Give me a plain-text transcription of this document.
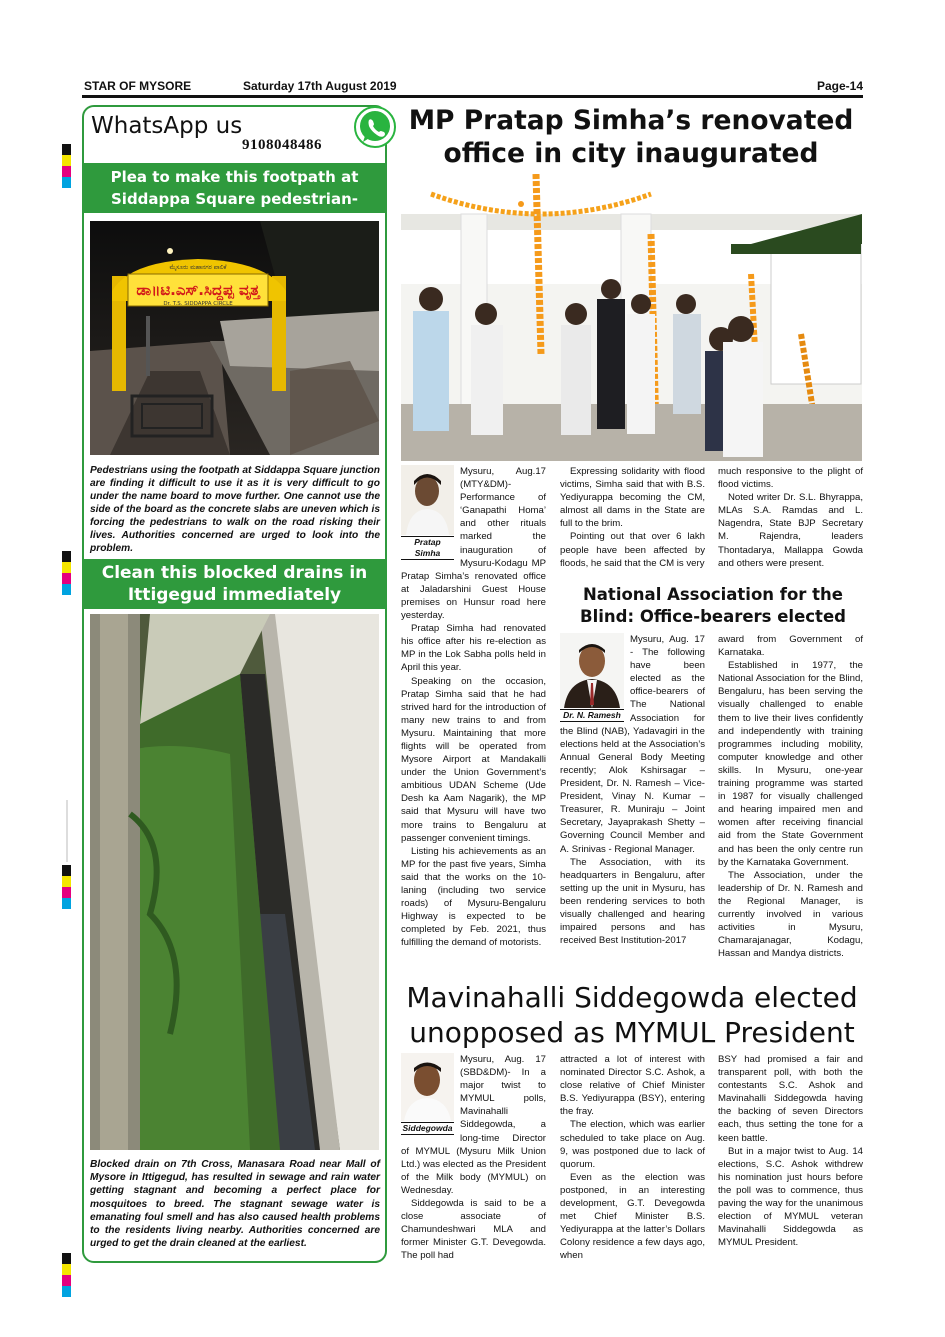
STAR OF MYSORE	Saturday 17th August 2019	Page-14
WhatsApp us
9108048486
Plea to make this footpath at Siddappa Square pedestrian-
ಡಾ॥ಟಿ.ಎಸ್.ಸಿದ್ದಪ್ಪ ವೃತ್ತ
ಮೈಸೂರು ಮಹಾನಗರ ಪಾಲಿಕೆ
Dr. T.S. SIDDAPPA CIRCLE
Pedestrians using the footpath at Siddappa Square junction are finding it difficult to use it as it is very difficult to go under the name board to move further. One cannot use the side of the board as the concrete slabs are uneven which is forcing the pedestrians to walk on the road risking their lives. Authorities concerned are urged to look into the problem.
Clean this blocked drains in Ittigegud immediately
Blocked drain on 7th Cross, Manasara Road near Mall of Mysore in Ittigegud, has resulted in sewage and rain water getting stagnant and becoming a perfect place for mosquitoes to breed. The stagnant sewage water is emanating foul smell and has also caused health problems to the residents living nearby. Authorities concerned are urged to get the drain cleaned at the earliest.
MP Pratap Simha’s renovated office in city inaugurated
Pratap Simha

Mysuru, Aug.17 (MTY&DM)- Performance of ‘Ganapathi Homa’ and other rituals marked the inauguration of Mysuru-Kodagu MP Pratap Simha’s renovated office at Jaladarshini Guest House premises on Hunsur road here yesterday.

Pratap Simha had renovated his office after his re-election as MP in the Lok Sabha polls held in April this year.

Speaking on the occasion, Pratap Simha said that he had strived hard for the introduction of many new trains to and from Mysuru. Maintaining that more flights will be operated from Mysore Airport at Mandakalli under the Union Government’s ambitious UDAN Scheme (Ude Desh ka Aam Nagarik), the MP said that Mysuru will have two more trains to Bengaluru at passenger convenient timings.

Listing his achievements as an MP for the past five years, Simha said that the works on the 10-laning (including two service roads) of Mysuru-Bengaluru Highway is expected to be completed by Feb. 2021, thus fulfilling the demand of motorists.

Expressing solidarity with flood victims, Simha said that with B.S. Yediyurappa becoming the CM, almost all dams in the State are full to the brim.

Pointing out that over 6 lakh people have been affected by floods, he said that the CM is very

much responsive to the plight of flood victims.

Noted writer Dr. S.L. Bhyrappa, MLAs S.A. Ramdas and L. Nagendra, State BJP Secretary M. Rajendra, leaders Thontadarya, Mallappa Gowda and others were present.

National Association for the Blind: Office-bearers elected
Dr. N. Ramesh

Mysuru, Aug. 17 - The following have been elected as the office-bearers of The National Association for the Blind (NAB), Yadavagiri in the elections held at the Association’s Annual General Body Meeting recently; Alok Kshirsagar – President, Dr. N. Ramesh – Vice-President, Vinay N. Kumar – Treasurer, R. Muniraju – Joint Secretary, Jayaprakash Shetty – Governing Council Member and A. Srinivas - Regional Manager.

The Association, with its headquarters in Bengaluru, after setting up the unit in Mysuru, has been rendering services to both visually challenged and hearing impaired persons and has received Best Institution-2017

award from Government of Karnataka.

Established in 1977, the National Association for the Blind, Bengaluru, has been serving the visually challenged to enable them to live their lives confidently and independently with training programmes including mobility, computer knowledge and other skills. In Mysuru, one-year training programme was started in 1987 for visually challenged and hearing impaired men and women after receiving financial aid from the State Government and has been the only centre run by the Karnataka Government.

The Association, under the leadership of Dr. N. Ramesh and the Regional Manager, is currently involved in various activities in Mysuru, Chamarajanagar, Kodagu, Hassan and Mandya districts.

Mavinahalli Siddegowda elected unopposed as MYMUL President
Siddegowda

Mysuru, Aug. 17 (SBD&DM)- In a major twist to MYMUL polls, Mavinahalli Siddegowda, a long-time Director of MYMUL (Mysuru Milk Union Ltd.) was elected as the President of the Milk body (MYMUL) on Wednesday.

Siddegowda is said to be a close associate of Chamundeshwari MLA and former Minister G.T. Devegowda. The poll had

attracted a lot of interest with nominated Director S.C. Ashok, a close relative of Chief Minister B.S. Yediyurappa (BSY), entering the fray.

The election, which was earlier scheduled to take place on Aug. 9, was postponed due to lack of quorum.

Even as the election was postponed, in an interesting development, G.T. Devegowda met Chief Minister B.S. Yediyurappa at the latter’s Dollars Colony residence a few days ago, when

BSY had promised a fair and transparent poll, with both the contestants S.C. Ashok and Mavinahalli Siddegowda having the backing of seven Directors each, thus setting the tone for a keen battle.

But in a major twist to Aug. 14 elections, S.C. Ashok withdrew his nomination just hours before the poll was to commence, thus paving the way for the unanimous election of MYMUL veteran Mavinahalli Siddegowda as MYMUL President.
